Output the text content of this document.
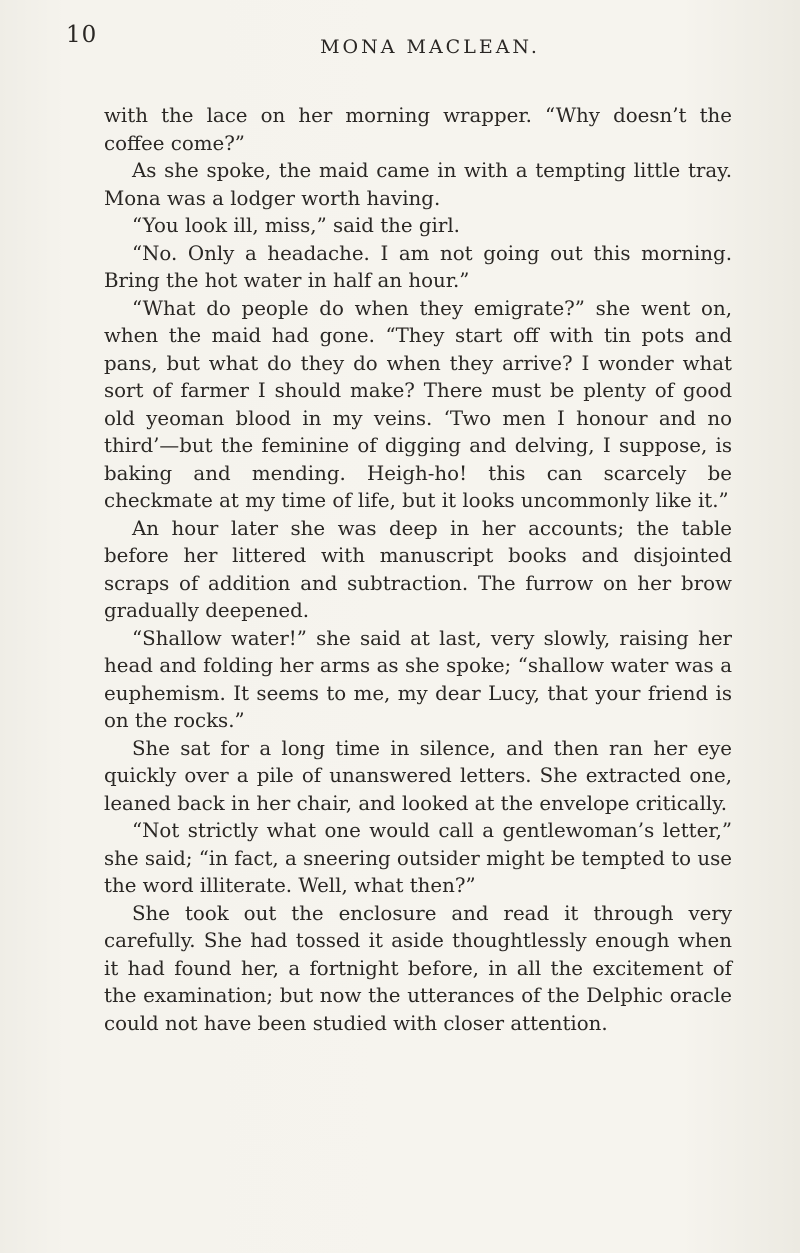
10	MONA MACLEAN.

with the lace on her morning wrapper. “Why doesn’t the coffee come?”

As she spoke, the maid came in with a tempting little tray. Mona was a lodger worth having.

“You look ill, miss,” said the girl.

“No. Only a headache. I am not going out this morning. Bring the hot water in half an hour.”

“What do people do when they emigrate?” she went on, when the maid had gone. “They start off with tin pots and pans, but what do they do when they arrive? I wonder what sort of farmer I should make? There must be plenty of good old yeoman blood in my veins. ‘Two men I honour and no third’—but the feminine of digging and delving, I suppose, is baking and mending. Heigh-ho! this can scarcely be checkmate at my time of life, but it looks uncommonly like it.”

An hour later she was deep in her accounts; the table before her littered with manuscript books and disjointed scraps of addition and subtraction. The furrow on her brow gradually deepened.

“Shallow water!” she said at last, very slowly, raising her head and folding her arms as she spoke; “shallow water was a euphemism. It seems to me, my dear Lucy, that your friend is on the rocks.”

She sat for a long time in silence, and then ran her eye quickly over a pile of unanswered letters. She extracted one, leaned back in her chair, and looked at the envelope critically.

“Not strictly what one would call a gentlewoman’s letter,” she said; “in fact, a sneering outsider might be tempted to use the word illiterate. Well, what then?”

She took out the enclosure and read it through very carefully. She had tossed it aside thoughtlessly enough when it had found her, a fortnight before, in all the excitement of the examination; but now the utterances of the Delphic oracle could not have been studied with closer attention.
